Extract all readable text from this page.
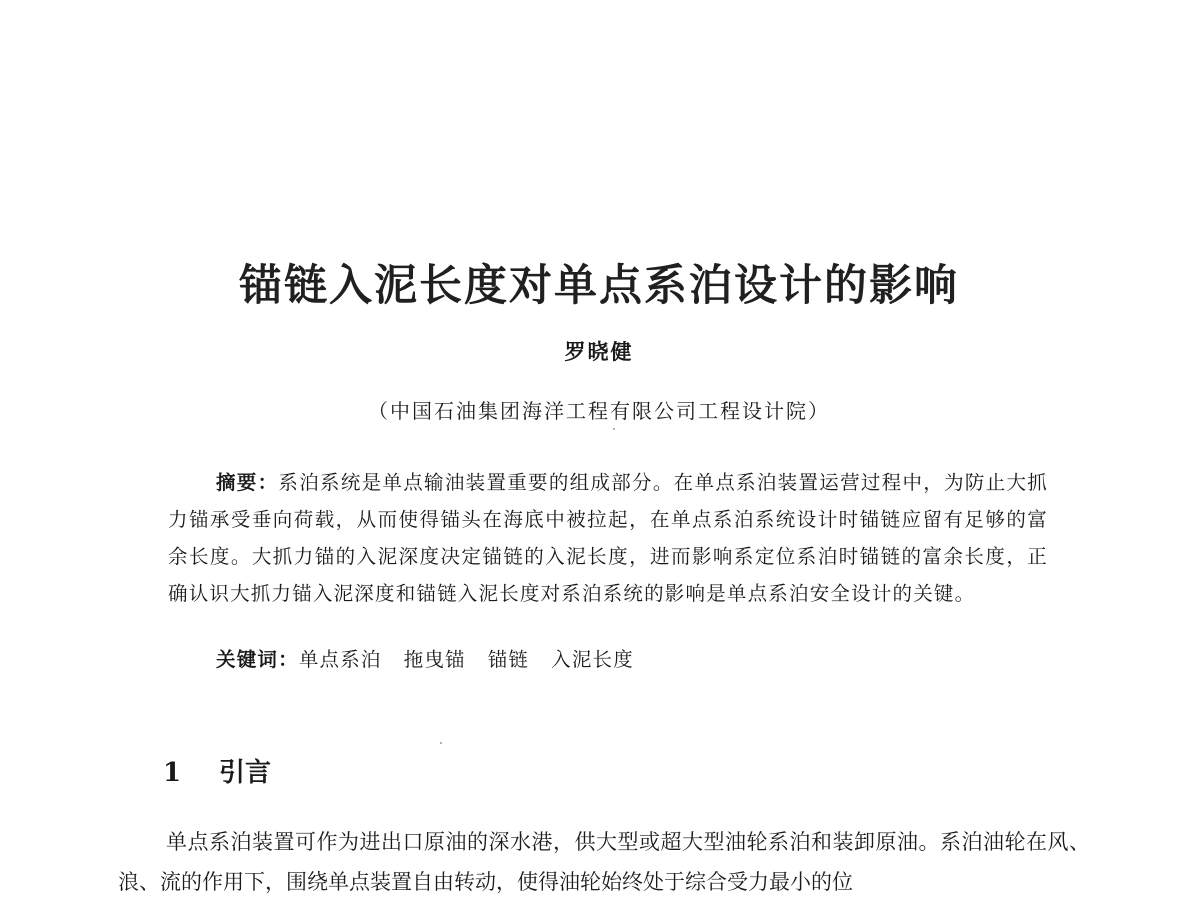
锚链入泥长度对单点系泊设计的影响
罗晓健
（中国石油集团海洋工程有限公司工程设计院）
摘要：系泊系统是单点输油装置重要的组成部分。在单点系泊装置运营过程中，为防止大抓力锚承受垂向荷载，从而使得锚头在海底中被拉起，在单点系泊系统设计时锚链应留有足够的富余长度。大抓力锚的入泥深度决定锚链的入泥长度，进而影响系定位系泊时锚链的富余长度，正确认识大抓力锚入泥深度和锚链入泥长度对系泊系统的影响是单点系泊安全设计的关键。
关键词：单点系泊 拖曳锚 锚链 入泥长度
1 引言
单点系泊装置可作为进出口原油的深水港，供大型或超大型油轮系泊和装卸原油。系泊油轮在风、浪、流的作用下，围绕单点装置自由转动，使得油轮始终处于综合受力最小的位
